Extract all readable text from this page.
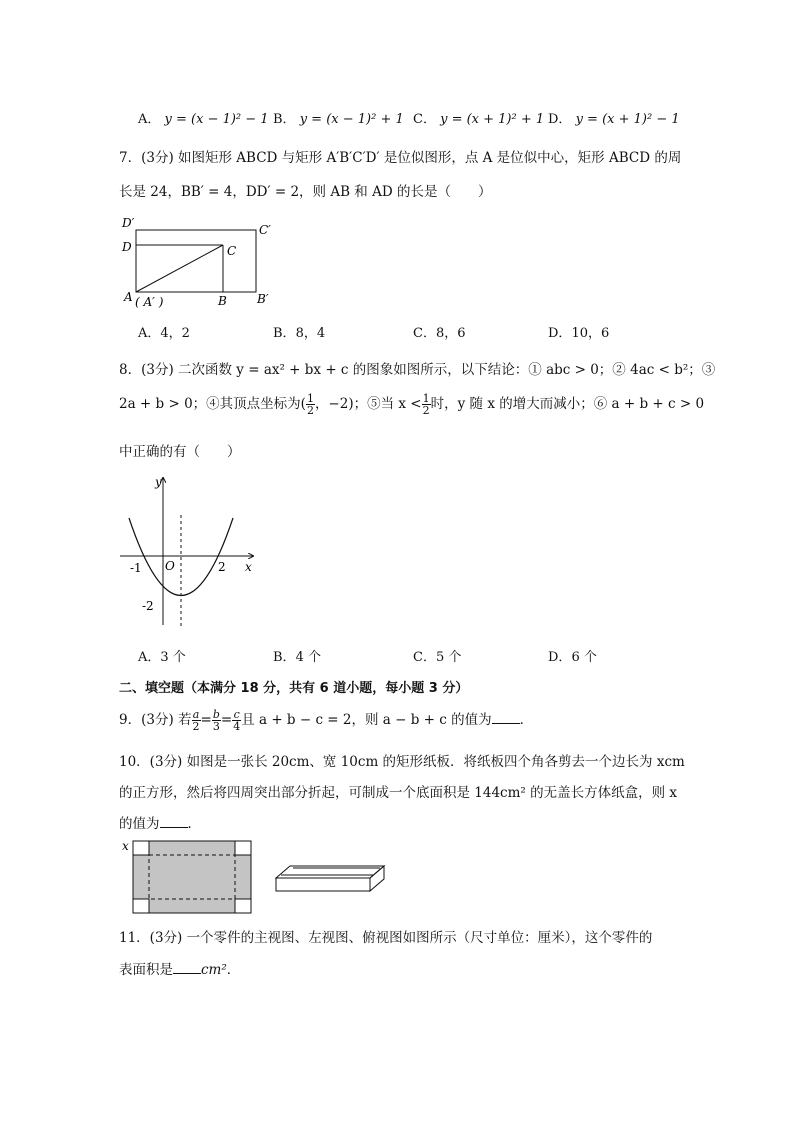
A． y = (x − 1)² − 1 B． y = (x − 1)² + 1 C． y = (x + 1)² + 1 D． y = (x + 1)² − 1
7．(3分) 如图矩形 ABCD 与矩形 A′B′C′D′ 是位似图形，点 A 是位似中心，矩形 ABCD 的周
长是 24，BB′ = 4，DD′ = 2，则 AB 和 AD 的长是（　　）
D′
D
C′
C
A ( A′ )	B	B′
A．4，2	B．8，4	C．8，6	D．10，6
8．(3分) 二次函数 y = ax² + bx + c 的图象如图所示，以下结论：① abc > 0；② 4ac < b²；③
2a + b > 0；④其顶点坐标为( $\frac{1}{2}$ ，−2)；⑤当 $x < \frac{1}{2}$ 时，y 随 x 的增大而减小；⑥ a + b + c > 0
中正确的有（　　）
y
x
O
-1	2
-2
A．3 个	B．4 个	C．5 个	D．6 个
二、填空题（本满分 18 分，共有 6 道小题，每小题 3 分）
9．(3分) 若 $\frac{a}{2} = \frac{b}{3} = \frac{c}{4}$ 且 a + b − c = 2，则 a − b + c 的值为 ．
10．(3分) 如图是一张长 20cm、宽 10cm 的矩形纸板．将纸板四个角各剪去一个边长为 xcm
的正方形，然后将四周突出部分折起，可制成一个底面积是 144cm² 的无盖长方体纸盒，则 x
的值为 ．
x
11．(3分) 一个零件的主视图、左视图、俯视图如图所示（尺寸单位：厘米），这个零件的
表面积是 cm²．
